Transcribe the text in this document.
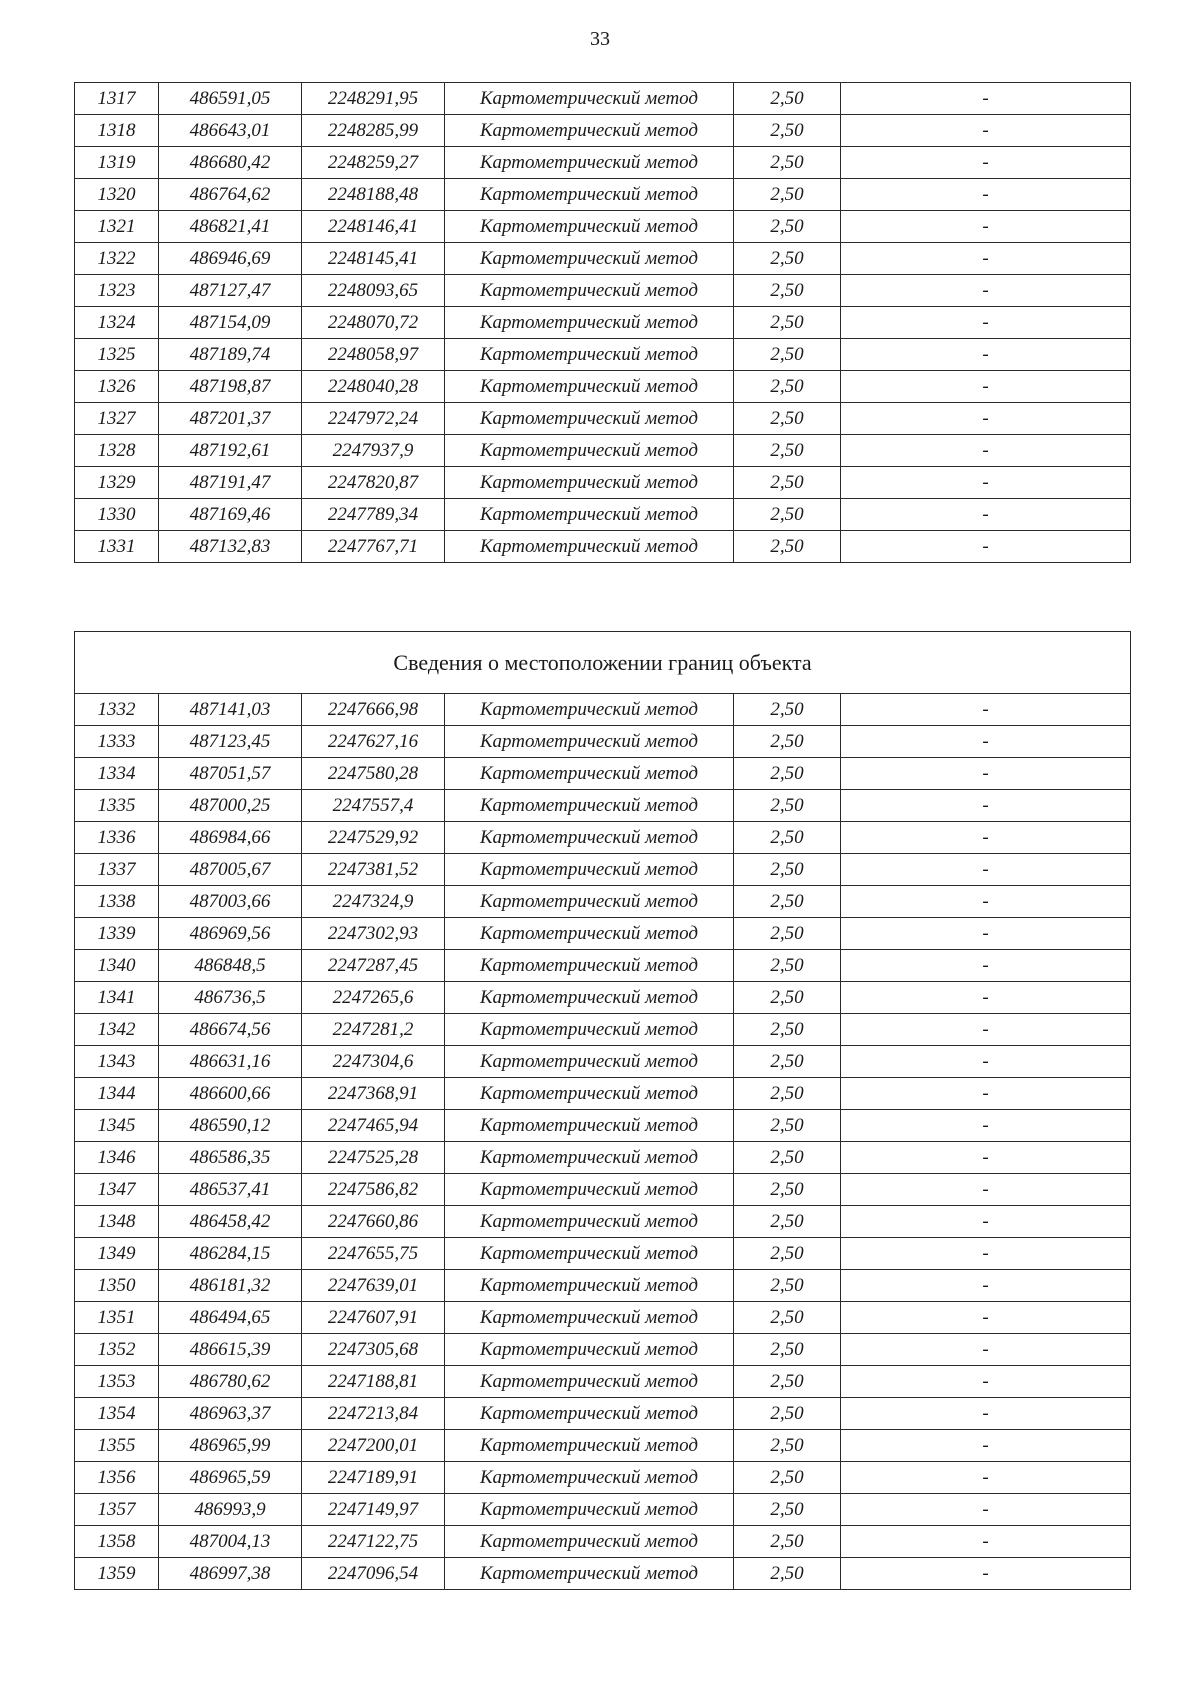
33
1317	486591,05	2248291,95	Картометрический метод	2,50	-
1318	486643,01	2248285,99	Картометрический метод	2,50	-
1319	486680,42	2248259,27	Картометрический метод	2,50	-
1320	486764,62	2248188,48	Картометрический метод	2,50	-
1321	486821,41	2248146,41	Картометрический метод	2,50	-
1322	486946,69	2248145,41	Картометрический метод	2,50	-
1323	487127,47	2248093,65	Картометрический метод	2,50	-
1324	487154,09	2248070,72	Картометрический метод	2,50	-
1325	487189,74	2248058,97	Картометрический метод	2,50	-
1326	487198,87	2248040,28	Картометрический метод	2,50	-
1327	487201,37	2247972,24	Картометрический метод	2,50	-
1328	487192,61	2247937,9	Картометрический метод	2,50	-
1329	487191,47	2247820,87	Картометрический метод	2,50	-
1330	487169,46	2247789,34	Картометрический метод	2,50	-
1331	487132,83	2247767,71	Картометрический метод	2,50	-
Сведения о местоположении границ объекта					
1332	487141,03	2247666,98	Картометрический метод	2,50	-
1333	487123,45	2247627,16	Картометрический метод	2,50	-
1334	487051,57	2247580,28	Картометрический метод	2,50	-
1335	487000,25	2247557,4	Картометрический метод	2,50	-
1336	486984,66	2247529,92	Картометрический метод	2,50	-
1337	487005,67	2247381,52	Картометрический метод	2,50	-
1338	487003,66	2247324,9	Картометрический метод	2,50	-
1339	486969,56	2247302,93	Картометрический метод	2,50	-
1340	486848,5	2247287,45	Картометрический метод	2,50	-
1341	486736,5	2247265,6	Картометрический метод	2,50	-
1342	486674,56	2247281,2	Картометрический метод	2,50	-
1343	486631,16	2247304,6	Картометрический метод	2,50	-
1344	486600,66	2247368,91	Картометрический метод	2,50	-
1345	486590,12	2247465,94	Картометрический метод	2,50	-
1346	486586,35	2247525,28	Картометрический метод	2,50	-
1347	486537,41	2247586,82	Картометрический метод	2,50	-
1348	486458,42	2247660,86	Картометрический метод	2,50	-
1349	486284,15	2247655,75	Картометрический метод	2,50	-
1350	486181,32	2247639,01	Картометрический метод	2,50	-
1351	486494,65	2247607,91	Картометрический метод	2,50	-
1352	486615,39	2247305,68	Картометрический метод	2,50	-
1353	486780,62	2247188,81	Картометрический метод	2,50	-
1354	486963,37	2247213,84	Картометрический метод	2,50	-
1355	486965,99	2247200,01	Картометрический метод	2,50	-
1356	486965,59	2247189,91	Картометрический метод	2,50	-
1357	486993,9	2247149,97	Картометрический метод	2,50	-
1358	487004,13	2247122,75	Картометрический метод	2,50	-
1359	486997,38	2247096,54	Картометрический метод	2,50	-
